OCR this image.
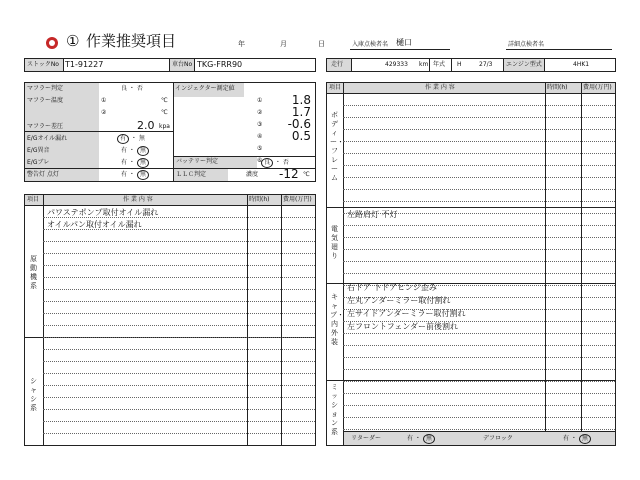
① 作業推奨項目	年	月	日	入庫点検者名 樋口	詳細点検者名
ストックNo T1-91227	車台No TKG-FRR90	走行	429333 km 年式 H	27/3 エンジン型式	4HK1
マフラー判定	良 ・ 否
マフラー温度	①	℃
②	℃
マフラー差圧	2.0 kpa
E/Gオイル漏れ	有 ・ 無
E/G異音	有 ・ 無
E/Gブレ	有 ・ 無
警告灯 点灯	有 ・ 無
インジェクター測定値
① 1.8
② 1.7
③ -0.6
④ 0.5
⑤
⑥
バッテリー判定	良 ・ 否
ＬＬＣ判定	濃度 -12 ℃
項目	作 業 内 容	時間(h) 費用(万円)
原動機系
パワステポンプ取付オイル漏れ
オイルパン取付オイル漏れ
シャシ系
項目	作 業 内 容	時間(h)	費用(万円)
ボディー・フレーム
電気廻り
左路肩灯 不灯
キャブ・内外装
右ドア 下ドアヒンジ歪み
左丸アンダーミラー取付割れ
左サイドアンダーミラー取付割れ
左フロントフェンダー前後割れ
ミッション系
リターダー	有 ・ 無	デフロック	有 ・ 無
